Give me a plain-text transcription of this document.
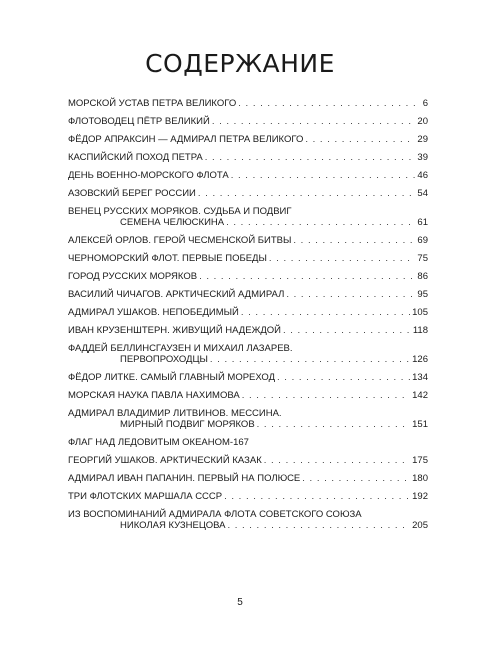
СОДЕРЖАНИЕ
МОРСКОЙ УСТАВ ПЕТРА ВЕЛИКОГО . . .	6
ФЛОТОВОДЕЦ ПЁТР ВЕЛИКИЙ . . .	20
ФЁДОР АПРАКСИН — АДМИРАЛ ПЕТРА ВЕЛИКОГО . . .	29
КАСПИЙСКИЙ ПОХОД ПЕТРА . . .	39
ДЕНЬ ВОЕННО-МОРСКОГО ФЛОТА . . .	46
АЗОВСКИЙ БЕРЕГ РОССИИ . . .	54
ВЕНЕЦ РУССКИХ МОРЯКОВ. СУДЬБА И ПОДВИГ
СЕМЕНА ЧЕЛЮСКИНА . . .	61
АЛЕКСЕЙ ОРЛОВ. ГЕРОЙ ЧЕСМЕНСКОЙ БИТВЫ . . .	69
ЧЕРНОМОРСКИЙ ФЛОТ. ПЕРВЫЕ ПОБЕДЫ . . .	75
ГОРОД РУССКИХ МОРЯКОВ . . .	86
ВАСИЛИЙ ЧИЧАГОВ. АРКТИЧЕСКИЙ АДМИРАЛ . . .	95
АДМИРАЛ УШАКОВ. НЕПОБЕДИМЫЙ . . .	105
ИВАН КРУЗЕНШТЕРН. ЖИВУЩИЙ НАДЕЖДОЙ . . .	118
ФАДДЕЙ БЕЛЛИНСГАУЗЕН И МИХАИЛ ЛАЗАРЕВ.
ПЕРВОПРОХОДЦЫ . . .	126
ФЁДОР ЛИТКЕ. САМЫЙ ГЛАВНЫЙ МОРЕХОД . . .	134
МОРСКАЯ НАУКА ПАВЛА НАХИМОВА . . .	142
АДМИРАЛ ВЛАДИМИР ЛИТВИНОВ. МЕССИНА.
МИРНЫЙ ПОДВИГ МОРЯКОВ . . .	151
ФЛАГ НАД ЛЕДОВИТЫМ ОКЕАНОМ-167
ГЕОРГИЙ УШАКОВ. АРКТИЧЕСКИЙ КАЗАК . . .	175
АДМИРАЛ ИВАН ПАПАНИН. ПЕРВЫЙ НА ПОЛЮСЕ . . .	180
ТРИ ФЛОТСКИХ МАРШАЛА СССР . . .	192
ИЗ ВОСПОМИНАНИЙ АДМИРАЛА ФЛОТА СОВЕТСКОГО СОЮЗА
НИКОЛАЯ КУЗНЕЦОВА . . .	205
5
